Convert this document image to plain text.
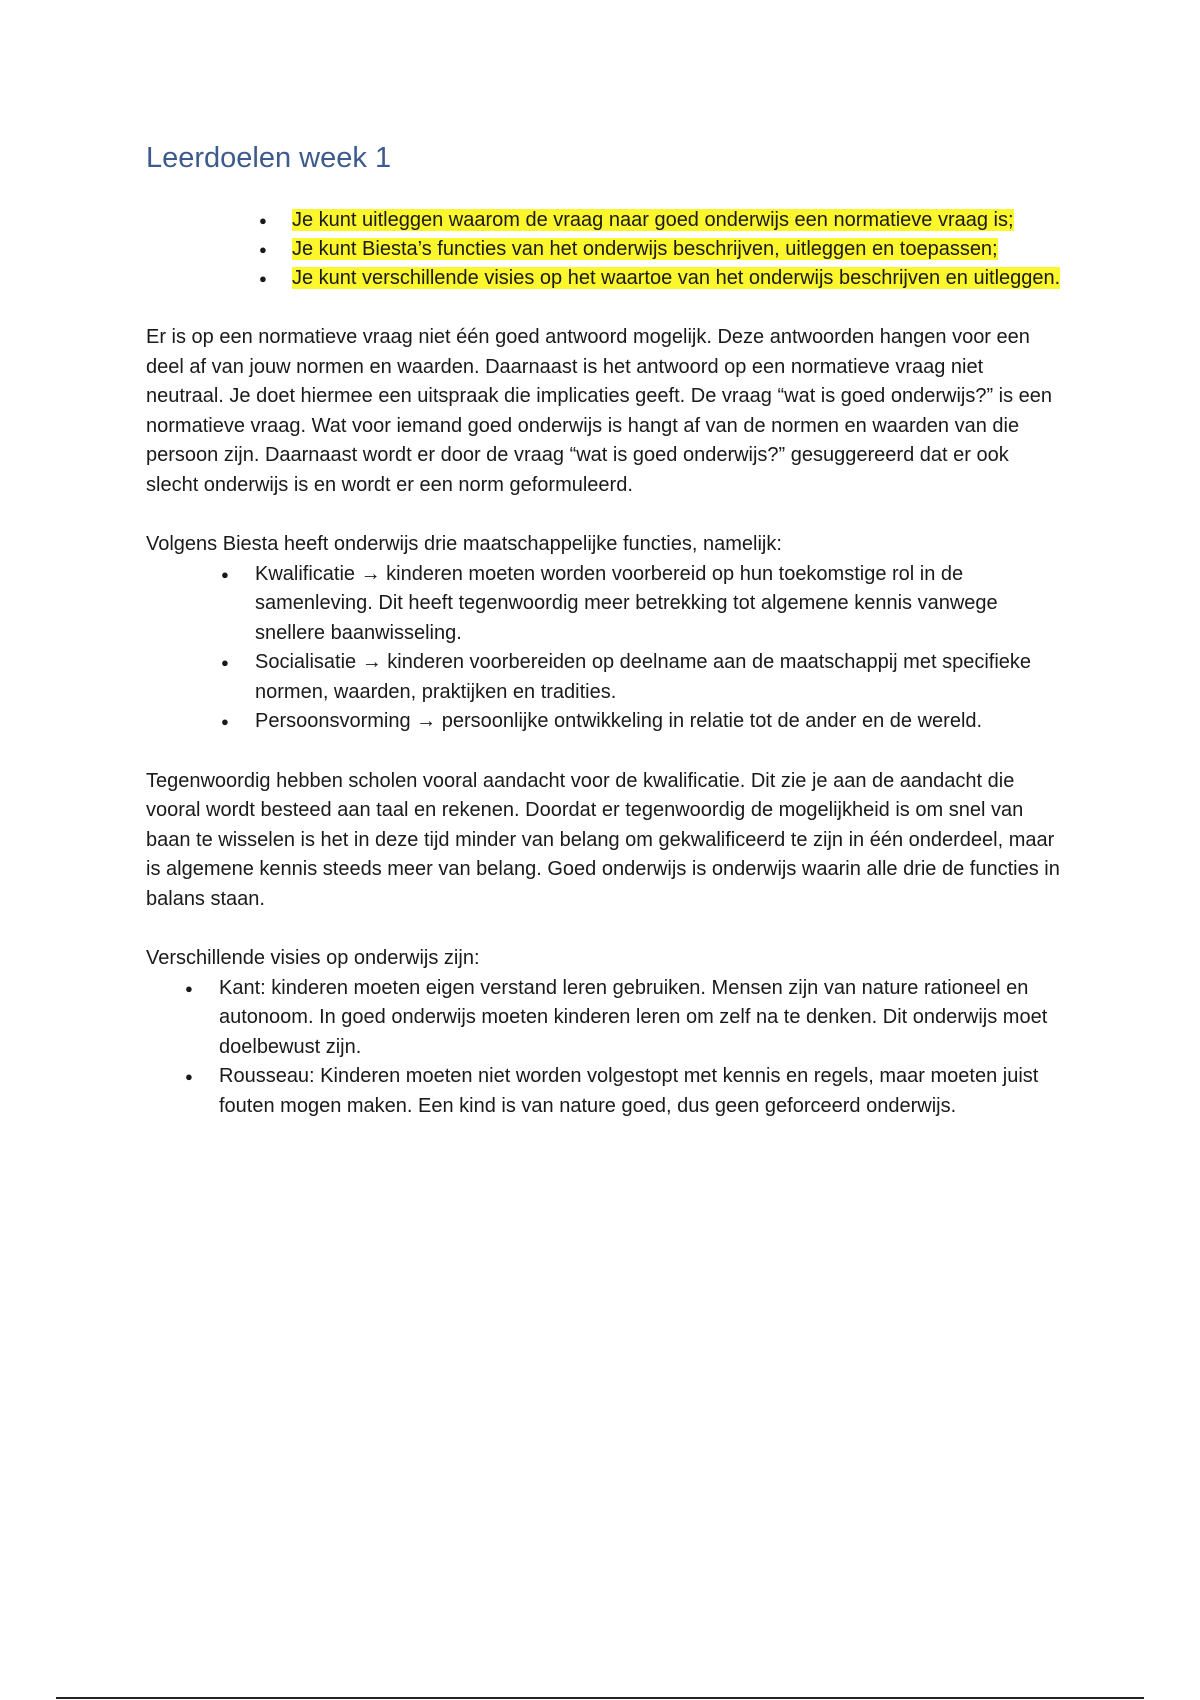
Leerdoelen week 1
● Je kunt uitleggen waarom de vraag naar goed onderwijs een normatieve vraag is;
● Je kunt Biesta’s functies van het onderwijs beschrijven, uitleggen en toepassen;
● Je kunt verschillende visies op het waartoe van het onderwijs beschrijven en uitleggen.

Er is op een normatieve vraag niet één goed antwoord mogelijk. Deze antwoorden hangen voor een deel af van jouw normen en waarden. Daarnaast is het antwoord op een normatieve vraag niet neutraal. Je doet hiermee een uitspraak die implicaties geeft. De vraag “wat is goed onderwijs?” is een normatieve vraag. Wat voor iemand goed onderwijs is hangt af van de normen en waarden van die persoon zijn. Daarnaast wordt er door de vraag “wat is goed onderwijs?” gesuggereerd dat er ook slecht onderwijs is en wordt er een norm geformuleerd.

Volgens Biesta heeft onderwijs drie maatschappelijke functies, namelijk:

● Kwalificatie → kinderen moeten worden voorbereid op hun toekomstige rol in de samenleving. Dit heeft tegenwoordig meer betrekking tot algemene kennis vanwege snellere baanwisseling.
● Socialisatie → kinderen voorbereiden op deelname aan de maatschappij met specifieke normen, waarden, praktijken en tradities.
● Persoonsvorming → persoonlijke ontwikkeling in relatie tot de ander en de wereld.

Tegenwoordig hebben scholen vooral aandacht voor de kwalificatie. Dit zie je aan de aandacht die vooral wordt besteed aan taal en rekenen. Doordat er tegenwoordig de mogelijkheid is om snel van baan te wisselen is het in deze tijd minder van belang om gekwalificeerd te zijn in één onderdeel, maar is algemene kennis steeds meer van belang. Goed onderwijs is onderwijs waarin alle drie de functies in balans staan.

Verschillende visies op onderwijs zijn:

● Kant: kinderen moeten eigen verstand leren gebruiken. Mensen zijn van nature rationeel en autonoom. In goed onderwijs moeten kinderen leren om zelf na te denken. Dit onderwijs moet doelbewust zijn.
● Rousseau: Kinderen moeten niet worden volgestopt met kennis en regels, maar moeten juist fouten mogen maken. Een kind is van nature goed, dus geen geforceerd onderwijs.
